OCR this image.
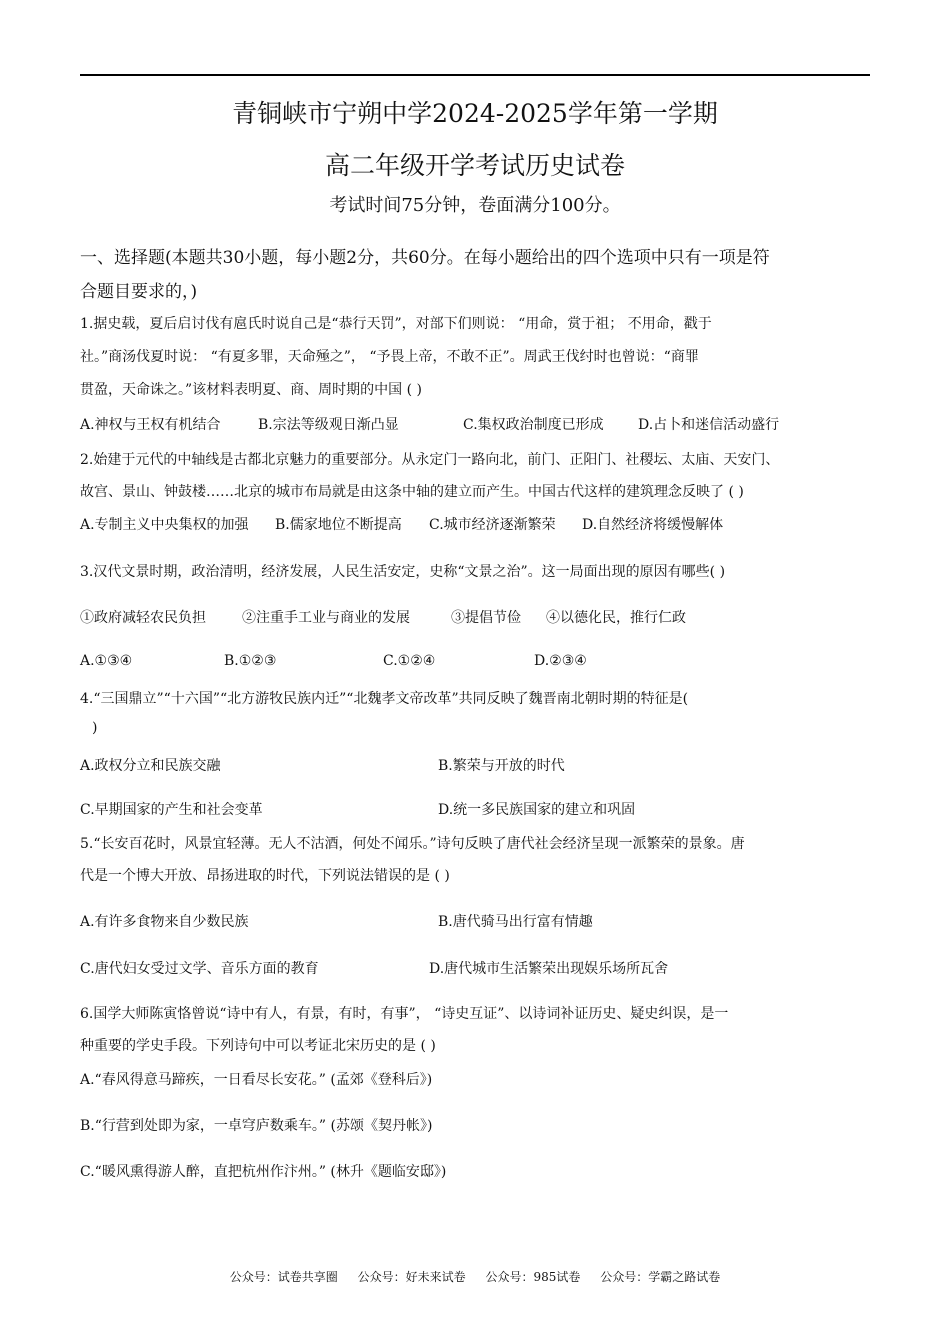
青铜峡市宁朔中学2024-2025学年第一学期
高二年级开学考试历史试卷
考试时间75分钟，卷面满分100分。
一、选择题(本题共30小题，每小题2分，共60分。在每小题给出的四个选项中只有一项是符
合题目要求的，)
1.据史载，夏后启讨伐有扈氏时说自己是“恭行天罚”，对部下们则说： “用命，赏于祖； 不用命，戳于
社。”商汤伐夏时说： “有夏多罪，天命殛之”， “予畏上帝，不敢不正”。周武王伐纣时也曾说：“商罪
贯盈，天命诛之。”该材料表明夏、商、周时期的中国 ( )
A.神权与王权有机结合	B.宗法等级观日渐凸显	C.集权政治制度已形成 D.占卜和迷信活动盛行
2.始建于元代的中轴线是古都北京魅力的重要部分。从永定门一路向北，前门、正阳门、社稷坛、太庙、天安门、
故宫、景山、钟鼓楼……北京的城市布局就是由这条中轴的建立而产生。中国古代这样的建筑理念反映了 ( )
A.专制主义中央集权的加强 B.儒家地位不断提高 C.城市经济逐渐繁荣 D.自然经济将缓慢解体
3.汉代文景时期，政治清明，经济发展，人民生活安定，史称“文景之治”。这一局面出现的原因有哪些( )
①政府减轻农民负担	②注重手工业与商业的发展	③提倡节俭 ④以德化民，推行仁政
A.①③④	B.①②③	C.①②④	D.②③④
4.“三国鼎立”“十六国”“北方游牧民族内迁”“北魏孝文帝改革”共同反映了魏晋南北朝时期的特征是(
)
A.政权分立和民族交融	B.繁荣与开放的时代
C.早期国家的产生和社会变革	D.统一多民族国家的建立和巩固
5.“长安百花时，风景宜轻薄。无人不沽酒，何处不闻乐。”诗句反映了唐代社会经济呈现一派繁荣的景象。唐
代是一个博大开放、昂扬进取的时代，下列说法错误的是 ( )
A.有许多食物来自少数民族	B.唐代骑马出行富有情趣
C.唐代妇女受过文学、音乐方面的教育	D.唐代城市生活繁荣出现娱乐场所瓦舍
6.国学大师陈寅恪曾说“诗中有人，有景，有时，有事”， “诗史互证”、以诗词补证历史、疑史纠误，是一
种重要的学史手段。下列诗句中可以考证北宋历史的是 ( )
A.“春风得意马蹄疾，一日看尽长安花。” (孟郊《登科后》)
B.“行营到处即为家，一卓穹庐数乘车。” (苏颂《契丹帐》)
C.“暖风熏得游人醉，直把杭州作汴州。” (林升《题临安邸》)
公众号：试卷共享圈 公众号：好未来试卷 公众号：985试卷 公众号：学霸之路试卷
